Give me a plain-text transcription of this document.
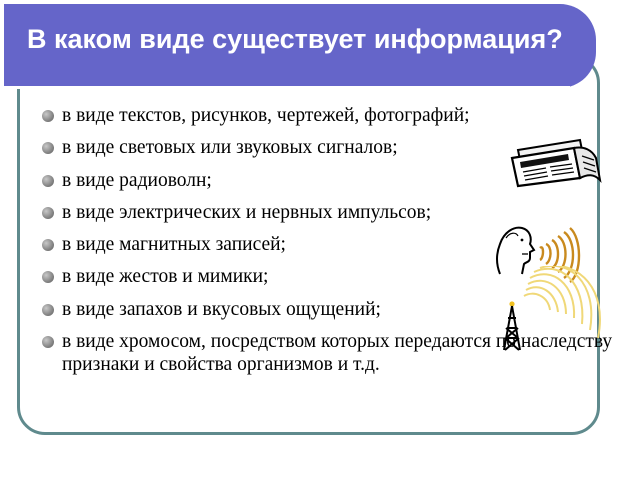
В каком виде существует информация?
в виде текстов, рисунков, чертежей, фотографий;
в виде световых или звуковых сигналов;
в виде радиоволн;
в виде электрических и нервных импульсов;
в виде магнитных записей;
в виде жестов и мимики;
в виде запахов и вкусовых ощущений;
в виде хромосом, посредством которых передаются по наследству признаки и свойства организмов и т.д.
